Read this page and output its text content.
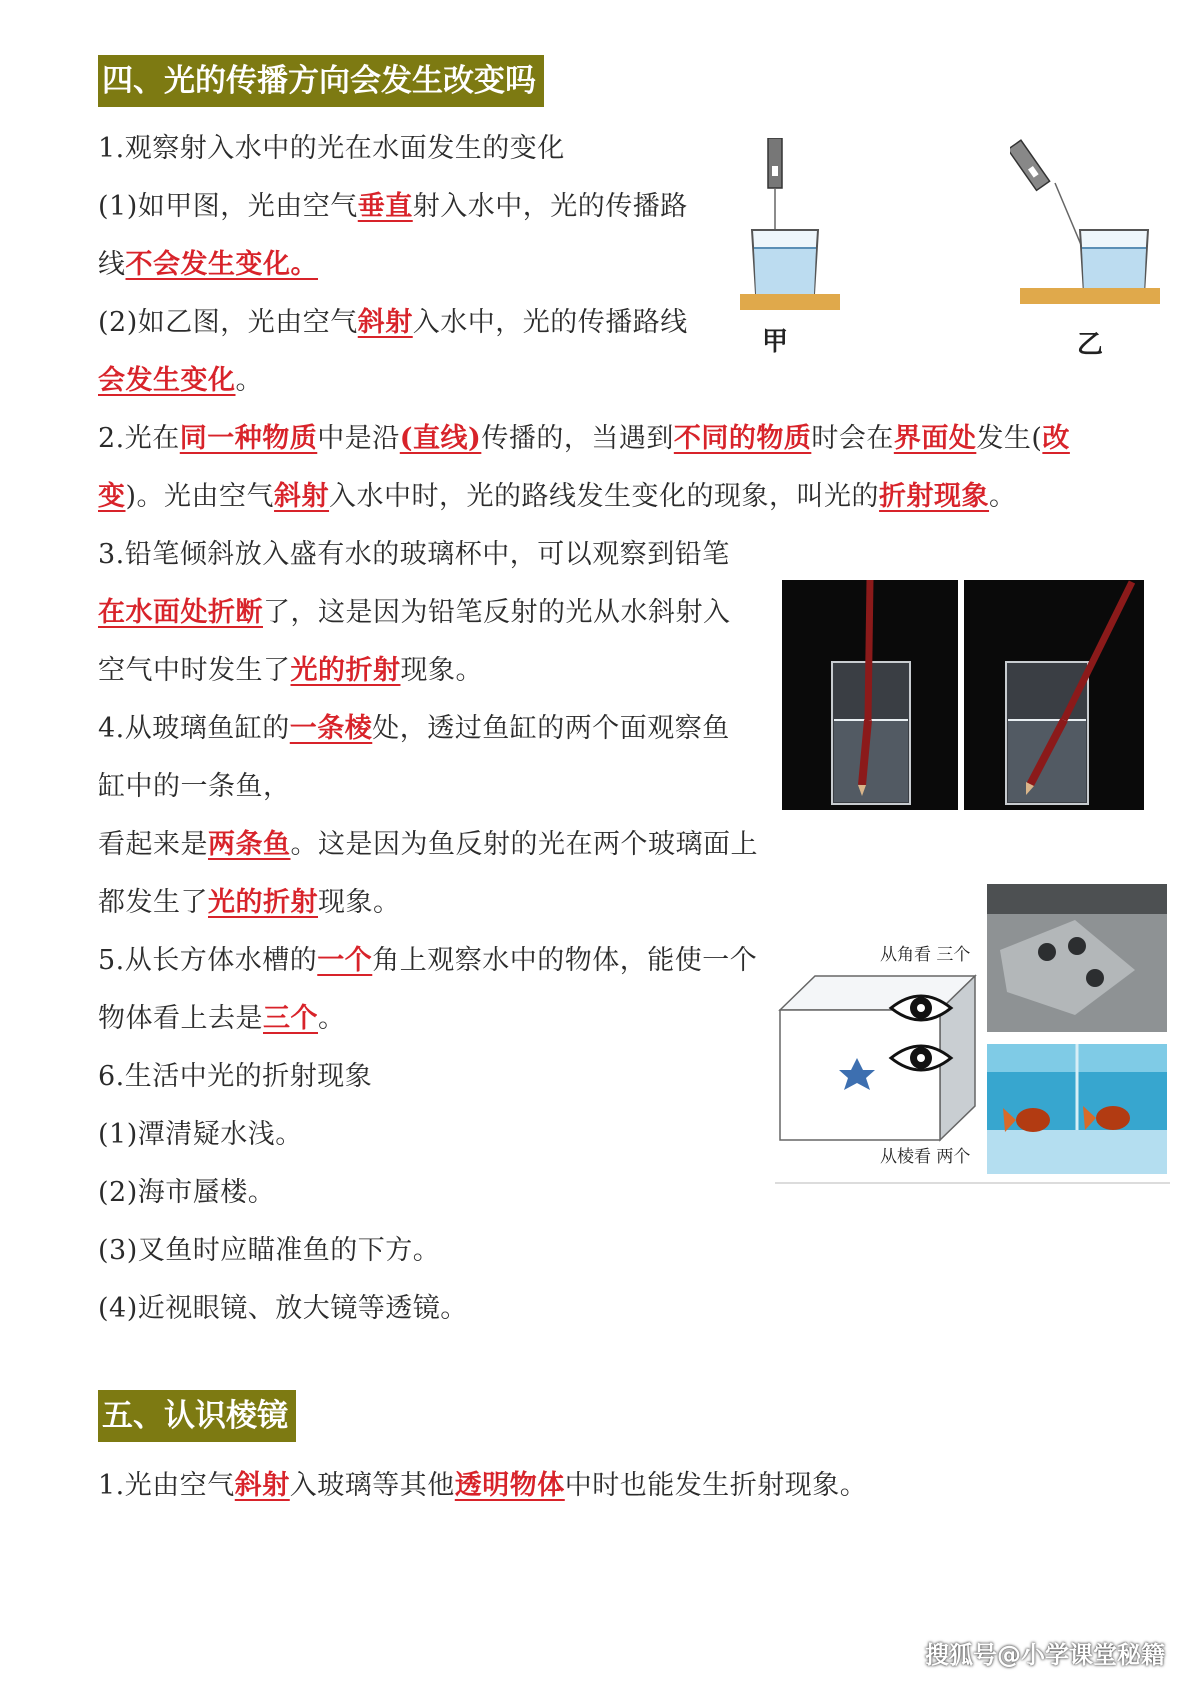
四、光的传播方向会发生改变吗
1.观察射入水中的光在水面发生的变化
(1)如甲图，光由空气垂直射入水中，光的传播路
线不会发生变化。
(2)如乙图，光由空气斜射入水中，光的传播路线
会发生变化。
2.光在同一种物质中是沿(直线)传播的，当遇到不同的物质时会在界面处发生(改
变)。光由空气斜射入水中时，光的路线发生变化的现象，叫光的折射现象。
3.铅笔倾斜放入盛有水的玻璃杯中，可以观察到铅笔
在水面处折断了，这是因为铅笔反射的光从水斜射入
空气中时发生了光的折射现象。
4.从玻璃鱼缸的一条棱处，透过鱼缸的两个面观察鱼
缸中的一条鱼，
看起来是两条鱼。这是因为鱼反射的光在两个玻璃面上
都发生了光的折射现象。
5.从长方体水槽的一个角上观察水中的物体，能使一个
物体看上去是三个。
6.生活中光的折射现象
(1)潭清疑水浅。
(2)海市蜃楼。
(3)叉鱼时应瞄准鱼的下方。
(4)近视眼镜、放大镜等透镜。
甲	乙
从角看 三个
从棱看 两个
五、认识棱镜
1.光由空气斜射入玻璃等其他透明物体中时也能发生折射现象。
搜狐号@小学课堂秘籍
